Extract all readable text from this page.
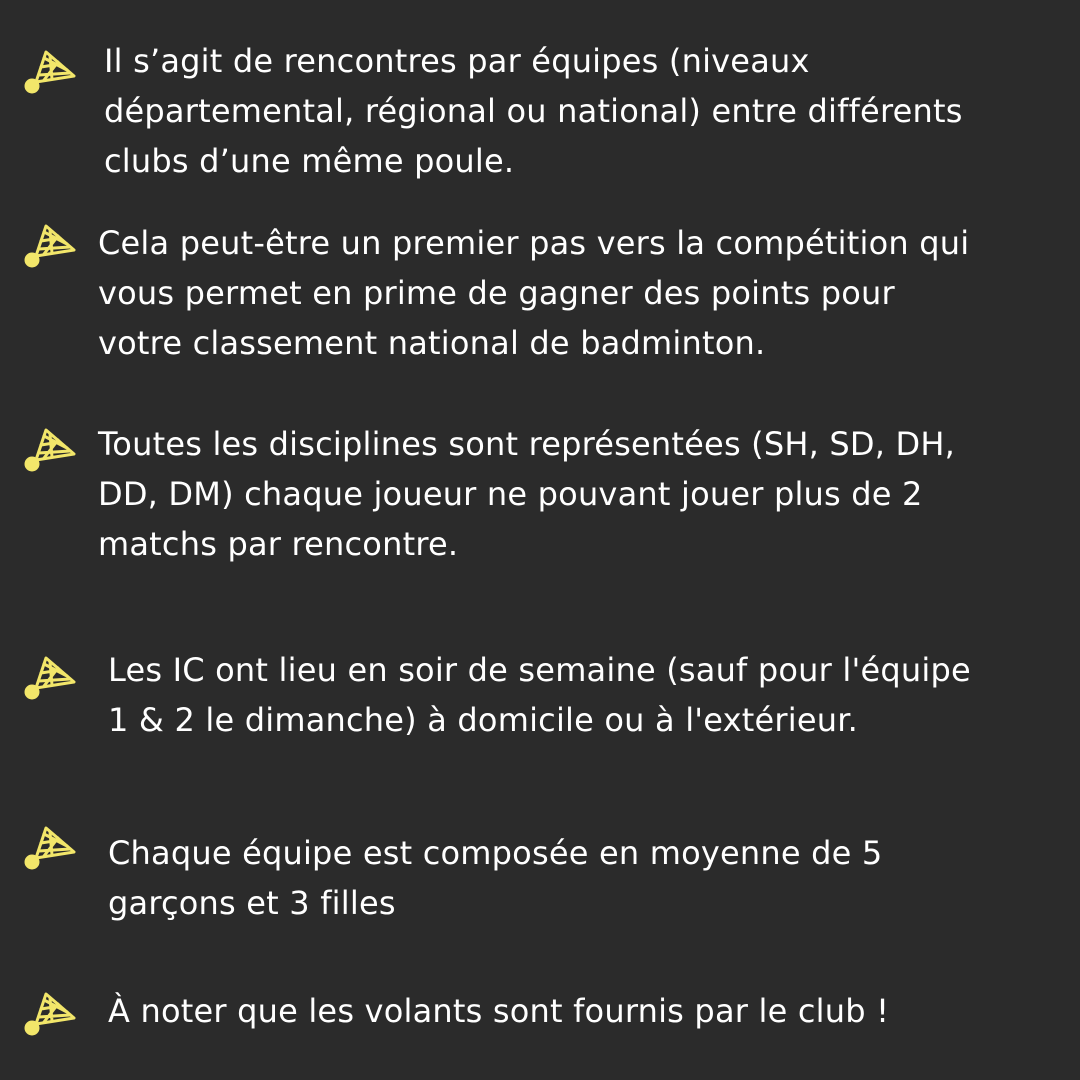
Il s’agit de rencontres par équipes (niveaux
départemental, régional ou national) entre différents
clubs d’une même poule.

Cela peut-être un premier pas vers la compétition qui
vous permet en prime de gagner des points pour
votre classement national de badminton.

Toutes les disciplines sont représentées (SH, SD, DH,
DD, DM) chaque joueur ne pouvant jouer plus de 2
matchs par rencontre.

Les IC ont lieu en soir de semaine (sauf pour l'équipe
1 & 2 le dimanche) à domicile ou à l'extérieur.

Chaque équipe est composée en moyenne de 5
garçons et 3 filles

À noter que les volants sont fournis par le club !
